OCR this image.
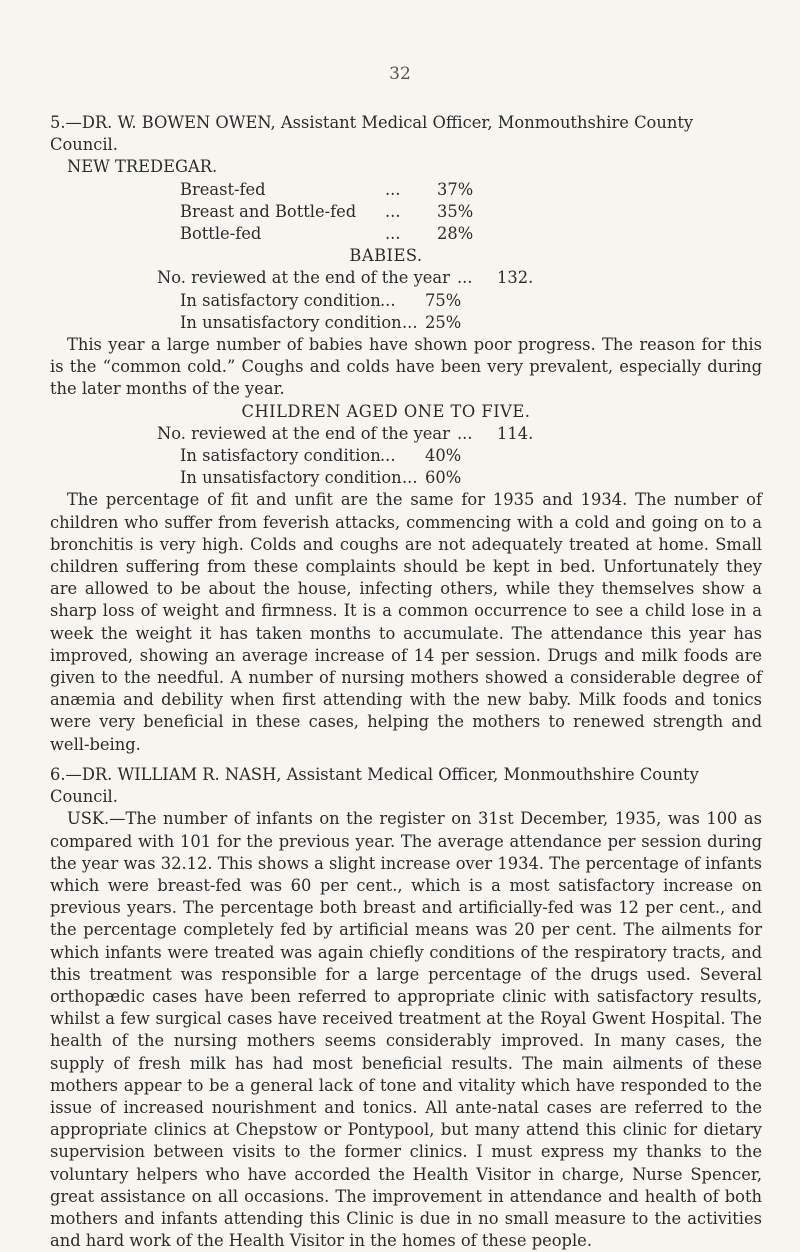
32

5.—DR. W. BOWEN OWEN, Assistant Medical Officer, Monmouthshire County Council.

NEW TREDEGAR.

Breast-fed	...	37%
Breast and Bottle-fed	...	35%
Bottle-fed	...	28%

BABIES.

No. reviewed at the end of the year ...	132.
In satisfactory condition ...	75%
In unsatisfactory condition ... 25%

This year a large number of babies have shown poor progress. The reason for this is the “common cold.” Coughs and colds have been very prevalent, especially during the later months of the year.

CHILDREN AGED ONE TO FIVE.

No. reviewed at the end of the year ...	114.
In satisfactory condition ...	40%
In unsatisfactory condition ... 60%

The percentage of fit and unfit are the same for 1935 and 1934. The number of children who suffer from feverish attacks, commencing with a cold and going on to a bronchitis is very high. Colds and coughs are not adequately treated at home. Small children suffering from these complaints should be kept in bed. Unfortunately they are allowed to be about the house, infecting others, while they themselves show a sharp loss of weight and firmness. It is a common occurrence to see a child lose in a week the weight it has taken months to accumulate. The attendance this year has improved, showing an average increase of 14 per session. Drugs and milk foods are given to the needful. A number of nursing mothers showed a considerable degree of anæmia and debility when first attending with the new baby. Milk foods and tonics were very beneficial in these cases, helping the mothers to renewed strength and well-being.

6.—DR. WILLIAM R. NASH, Assistant Medical Officer, Monmouthshire County Council.

USK.—The number of infants on the register on 31st December, 1935, was 100 as compared with 101 for the previous year. The average attendance per session during the year was 32.12. This shows a slight increase over 1934. The percentage of infants which were breast-fed was 60 per cent., which is a most satisfactory increase on previous years. The percentage both breast and artificially-fed was 12 per cent., and the percentage completely fed by artificial means was 20 per cent. The ailments for which infants were treated was again chiefly conditions of the respiratory tracts, and this treatment was responsible for a large percentage of the drugs used. Several orthopædic cases have been referred to appropriate clinic with satisfactory results, whilst a few surgical cases have received treatment at the Royal Gwent Hospital. The health of the nursing mothers seems considerably improved. In many cases, the supply of fresh milk has had most beneficial results. The main ailments of these mothers appear to be a general lack of tone and vitality which have responded to the issue of increased nourishment and tonics. All ante-natal cases are referred to the appropriate clinics at Chepstow or Pontypool, but many attend this clinic for dietary supervision between visits to the former clinics. I must express my thanks to the voluntary helpers who have accorded the Health Visitor in charge, Nurse Spencer, great assistance on all occasions. The improvement in attendance and health of both mothers and infants attending this Clinic is due in no small measure to the activities and hard work of the Health Visitor in the homes of these people.
